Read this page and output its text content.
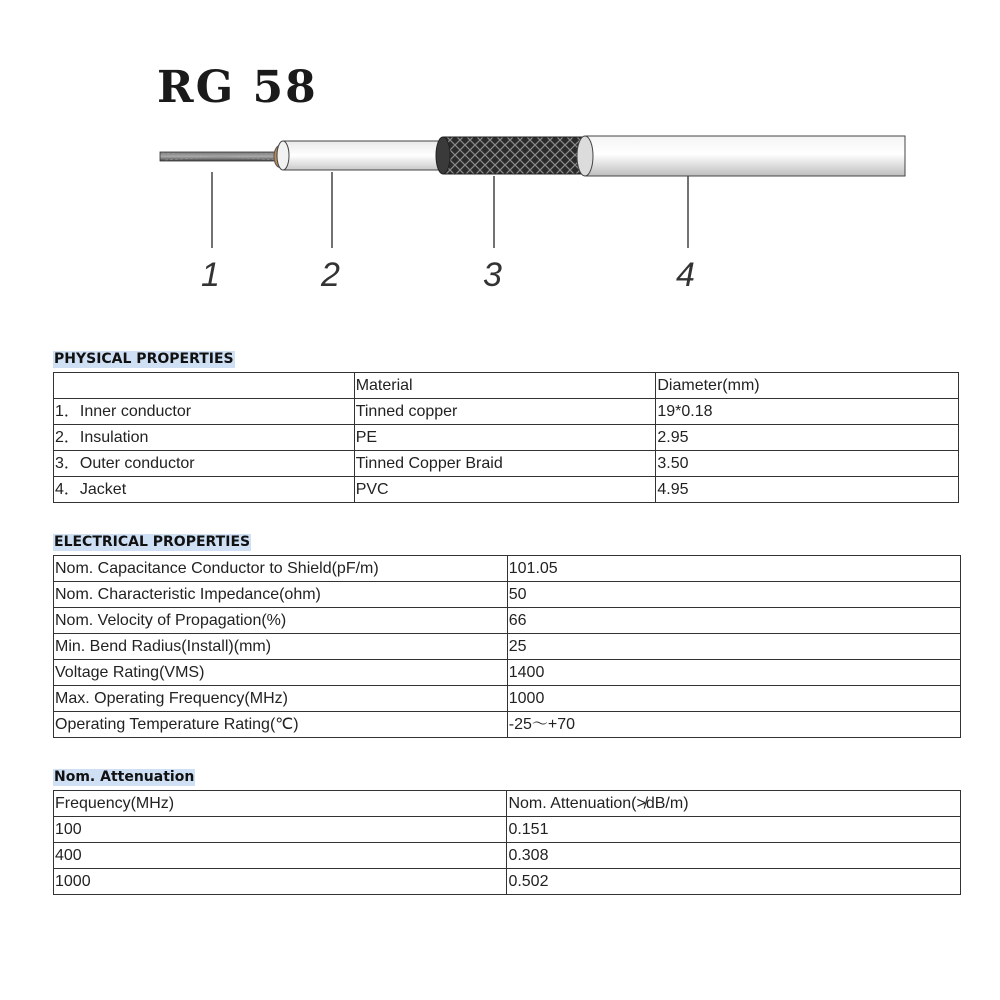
RG 58
1	2	3	4
PHYSICAL PROPERTIES
	Material	Diameter(mm)
1．Inner conductor	Tinned copper	19*0.18
2．Insulation	PE	2.95
3．Outer conductor	Tinned Copper Braid	3.50
4．Jacket	PVC	4.95
ELECTRICAL PROPERTIES
Nom. Capacitance Conductor to Shield(pF/m)	101.05
Nom. Characteristic Impedance(ohm)	50
Nom. Velocity of Propagation(%)	66
Min. Bend Radius(Install)(mm)	25
Voltage Rating(VMS)	1400
Max. Operating Frequency(MHz)	1000
Operating Temperature Rating(℃)	-25～+70
Nom. Attenuation
Frequency(MHz)	Nom. Attenuation(≯dB/m)
100	0.151
400	0.308
1000	0.502
